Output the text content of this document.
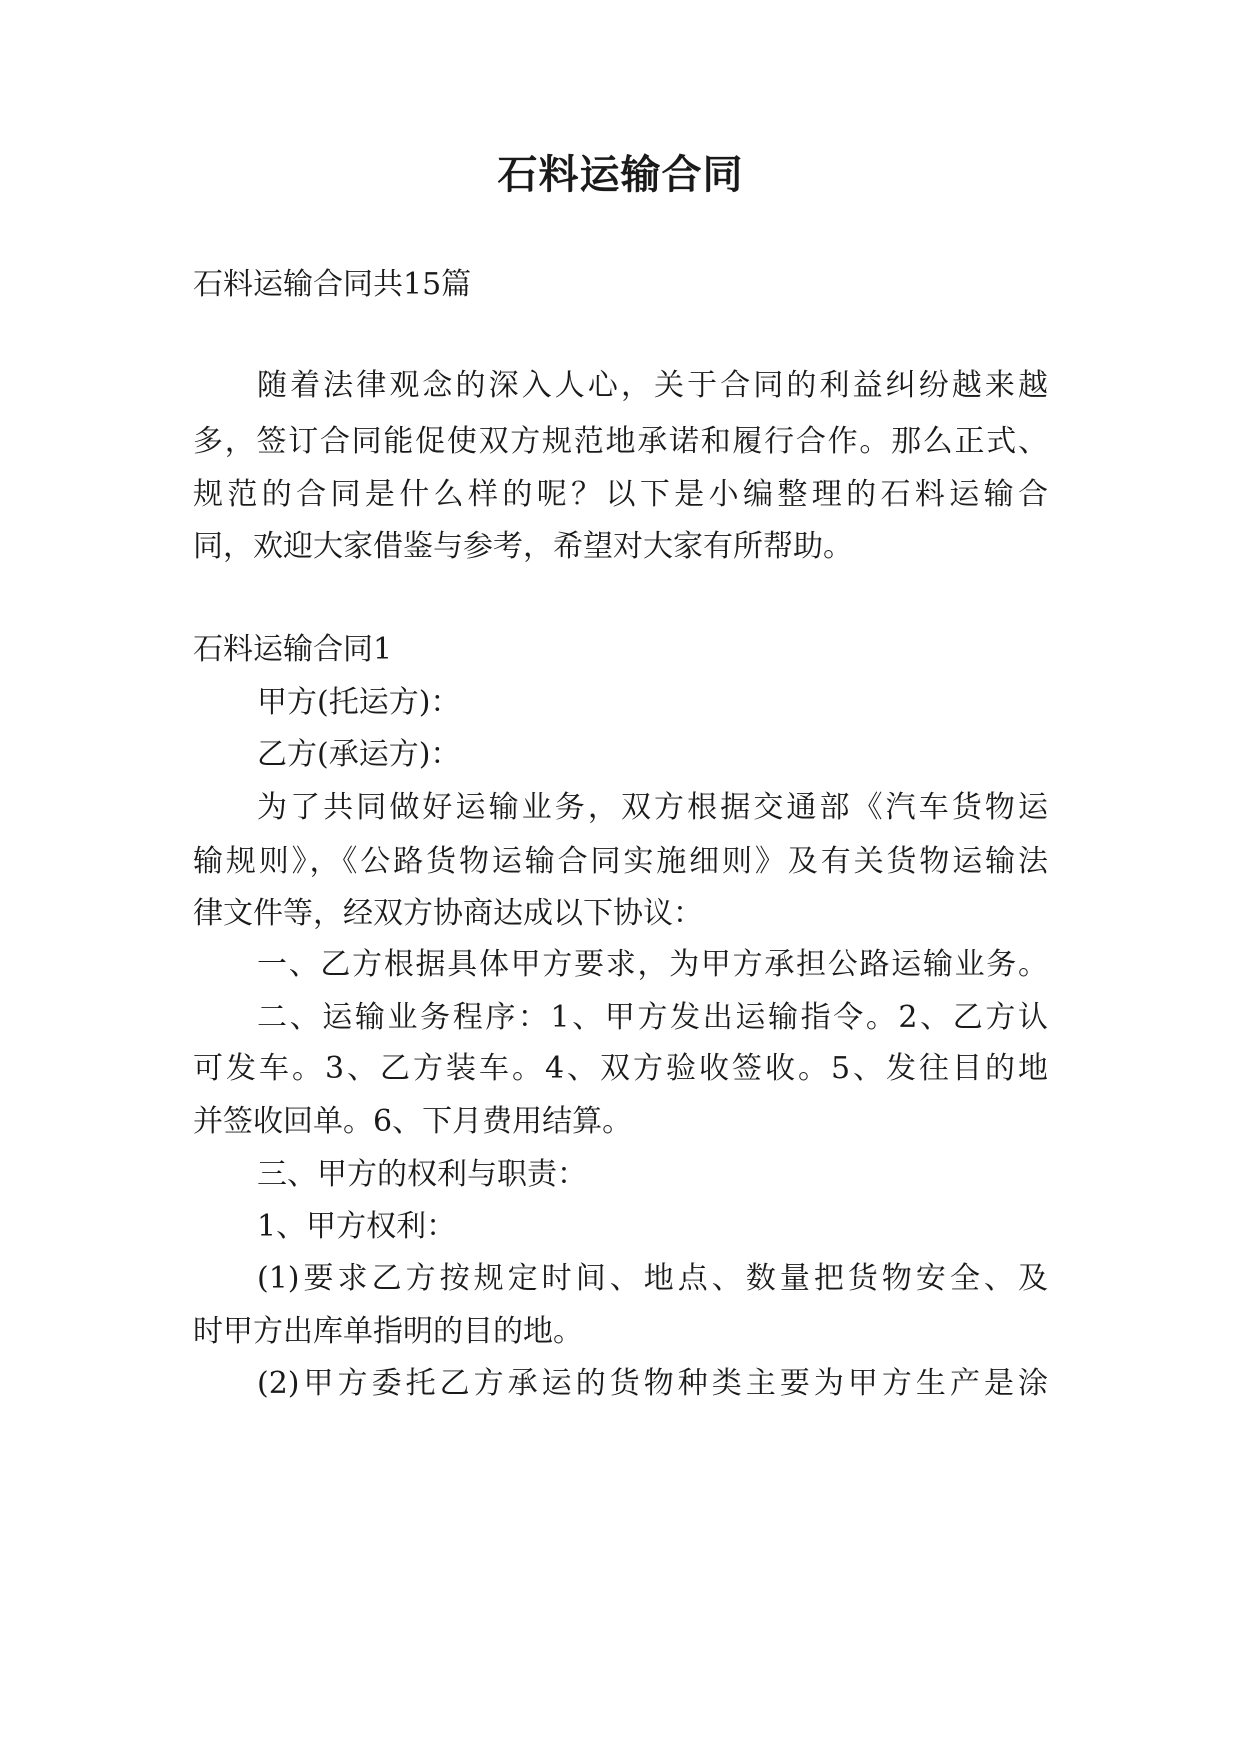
石料运输合同
石料运输合同共15篇
随着法律观念的深入人心，关于合同的利益纠纷越来越
多，签订合同能促使双方规范地承诺和履行合作。那么正式、
规范的合同是什么样的呢？以下是小编整理的石料运输合
同，欢迎大家借鉴与参考，希望对大家有所帮助。
石料运输合同1
甲方(托运方)：
乙方(承运方)：
为了共同做好运输业务，双方根据交通部《汽车货物运
输规则》，《公路货物运输合同实施细则》及有关货物运输法
律文件等，经双方协商达成以下协议：
一、乙方根据具体甲方要求，为甲方承担公路运输业务。
二、运输业务程序：1、甲方发出运输指令。2、乙方认
可发车。3、乙方装车。4、双方验收签收。5、发往目的地
并签收回单。6、下月费用结算。
三、甲方的权利与职责：
1、甲方权利：
(1)要求乙方按规定时间、地点、数量把货物安全、及
时甲方出库单指明的目的地。
(2)甲方委托乙方承运的货物种类主要为甲方生产是涂
